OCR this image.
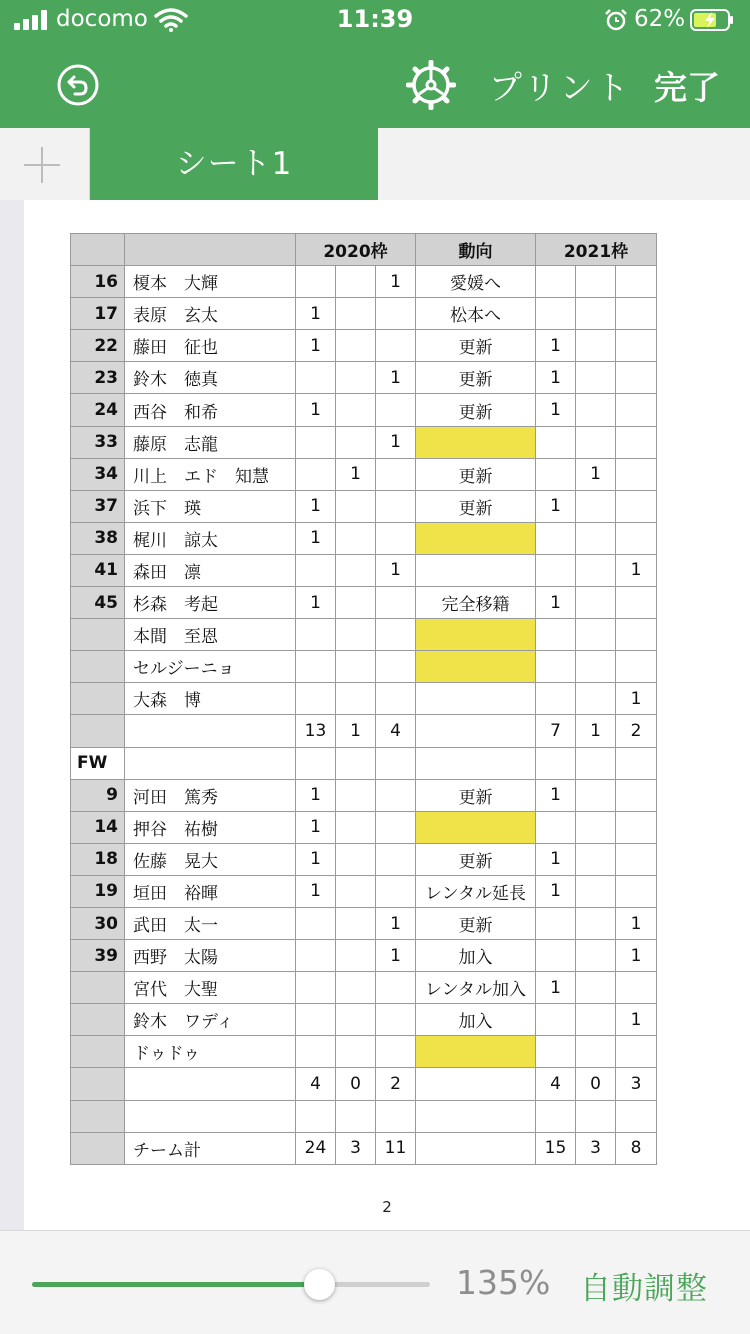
docomo	11:39	62%
プリント 完了
シート1
		2020枠			動向	2021枠		
16	榎本　大輝			1	愛媛へ			
17	表原　玄太	1			松本へ			
22	藤田　征也	1			更新	1		
23	鈴木　徳真			1	更新	1		
24	西谷　和希	1			更新	1		
33	藤原　志龍			1				
34	川上　エド　知慧		1		更新		1	
37	浜下　瑛	1			更新	1		
38	梶川　諒太	1						
41	森田　凛			1				1
45	杉森　考起	1			完全移籍	1		
	本間　至恩							
	セルジーニョ							
	大森　博							1
		13	1	4		7	1	2
FW								
9	河田　篤秀	1			更新	1		
14	押谷　祐樹	1						
18	佐藤　晃大	1			更新	1		
19	垣田　裕暉	1			レンタル延長	1		
30	武田　太一			1	更新			1
39	西野　太陽			1	加入			1
	宮代　大聖				レンタル加入	1		
	鈴木　ワディ				加入			1
	ドゥドゥ							
		4	0	2		4	0	3

	チーム計	24	3	11		15	3	8
2
135% 自動調整
